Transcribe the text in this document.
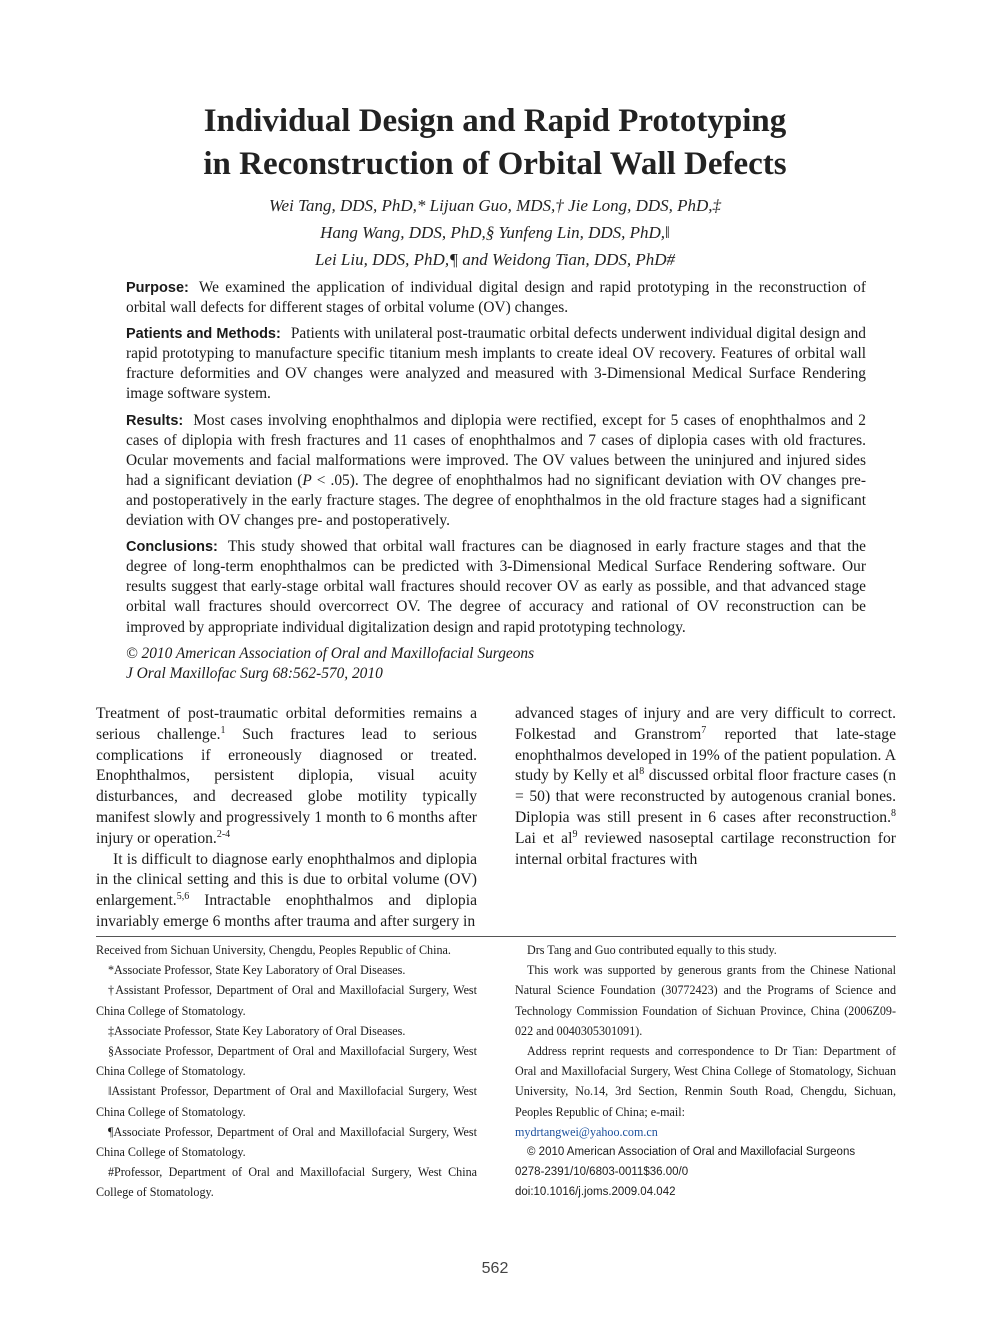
Individual Design and Rapid Prototyping
in Reconstruction of Orbital Wall Defects
Wei Tang, DDS, PhD,* Lijuan Guo, MDS,† Jie Long, DDS, PhD,‡
Hang Wang, DDS, PhD,§ Yunfeng Lin, DDS, PhD,‖
Lei Liu, DDS, PhD,¶ and Weidong Tian, DDS, PhD#

Purpose: We examined the application of individual digital design and rapid prototyping in the reconstruction of orbital wall defects for different stages of orbital volume (OV) changes.

Patients and Methods: Patients with unilateral post-traumatic orbital defects underwent individual digital design and rapid prototyping to manufacture specific titanium mesh implants to create ideal OV recovery. Features of orbital wall fracture deformities and OV changes were analyzed and measured with 3-Dimensional Medical Surface Rendering image software system.

Results: Most cases involving enophthalmos and diplopia were rectified, except for 5 cases of enophthalmos and 2 cases of diplopia with fresh fractures and 11 cases of enophthalmos and 7 cases of diplopia cases with old fractures. Ocular movements and facial malformations were improved. The OV values between the uninjured and injured sides had a significant deviation (P < .05). The degree of enophthalmos had no significant deviation with OV changes pre- and postoperatively in the early fracture stages. The degree of enophthalmos in the old fracture stages had a significant deviation with OV changes pre- and postoperatively.

Conclusions: This study showed that orbital wall fractures can be diagnosed in early fracture stages and that the degree of long-term enophthalmos can be predicted with 3-Dimensional Medical Surface Rendering software. Our results suggest that early-stage orbital wall fractures should recover OV as early as possible, and that advanced stage orbital wall fractures should overcorrect OV. The degree of accuracy and rational of OV reconstruction can be improved by appropriate individual digitalization design and rapid prototyping technology.

© 2010 American Association of Oral and Maxillofacial Surgeons
J Oral Maxillofac Surg 68:562-570, 2010

Treatment of post-traumatic orbital deformities remains a serious challenge.$^1$ Such fractures lead to serious complications if erroneously diagnosed or treated. Enophthalmos, persistent diplopia, visual acuity disturbances, and decreased globe motility typically manifest slowly and progressively 1 month to 6 months after injury or operation.$^{2-4}$

It is difficult to diagnose early enophthalmos and diplopia in the clinical setting and this is due to orbital volume (OV) enlargement.$^{5,6}$ Intractable enophthalmos and diplopia invariably emerge 6 months after trauma and after surgery in

advanced stages of injury and are very difficult to correct. Folkestad and Granstrom$^7$ reported that late-stage enophthalmos developed in 19% of the patient population. A study by Kelly et $al^8$ discussed orbital floor fracture cases (n = 50) that were reconstructed by autogenous cranial bones. Diplopia was still present in 6 cases after reconstruction.$^8$ Lai et $al^9$ reviewed nasoseptal cartilage reconstruction for internal orbital fractures with

Received from Sichuan University, Chengdu, Peoples Republic of China.

*Associate Professor, State Key Laboratory of Oral Diseases.

†Assistant Professor, Department of Oral and Maxillofacial Surgery, West China College of Stomatology.

‡Associate Professor, State Key Laboratory of Oral Diseases.

§Associate Professor, Department of Oral and Maxillofacial Surgery, West China College of Stomatology.

‖Assistant Professor, Department of Oral and Maxillofacial Surgery, West China College of Stomatology.

¶Associate Professor, Department of Oral and Maxillofacial Surgery, West China College of Stomatology.

#Professor, Department of Oral and Maxillofacial Surgery, West China College of Stomatology.

Drs Tang and Guo contributed equally to this study.

This work was supported by generous grants from the Chinese National Natural Science Foundation (30772423) and the Programs of Science and Technology Commission Foundation of Sichuan Province, China (2006Z09-022 and 0040305301091).

Address reprint requests and correspondence to Dr Tian: Department of Oral and Maxillofacial Surgery, West China College of Stomatology, Sichuan University, No.14, 3rd Section, Renmin South Road, Chengdu, Sichuan, Peoples Republic of China; e-mail:

mydrtangwei@yahoo.com.cn

© 2010 American Association of Oral and Maxillofacial Surgeons

0278-2391/10/6803-0011$36.00/0

doi:10.1016/j.joms.2009.04.042

562
